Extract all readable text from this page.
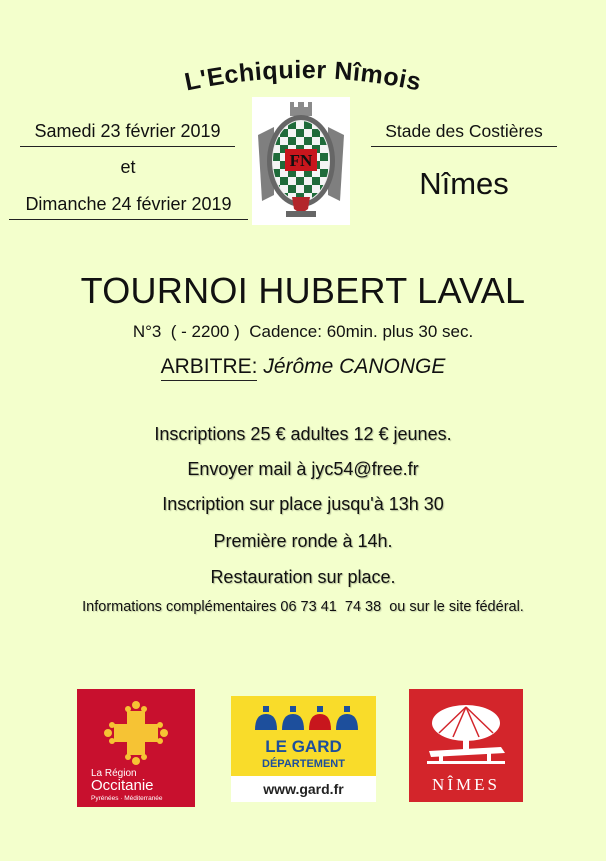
L'Echiquier Nîmois
Samedi 23 février 2019
et
Dimanche 24 février 2019
FN
Stade des Costières
Nîmes
TOURNOI HUBERT LAVAL
N°3  ( - 2200 )  Cadence: 60min. plus 30 sec.
ARBITRE: Jérôme CANONGE
Inscriptions 25 € adultes 12 € jeunes.
Envoyer mail à jyc54@free.fr
Inscription sur place jusqu'à 13h 30
Première ronde à 14h.
Restauration sur place.
Informations complémentaires 06 73 41  74 38  ou sur le site fédéral.
La Région
Occitanie
Pyrénées · Méditerranée
LE GARD
DÉPARTEMENT
www.gard.fr	NÎMES
